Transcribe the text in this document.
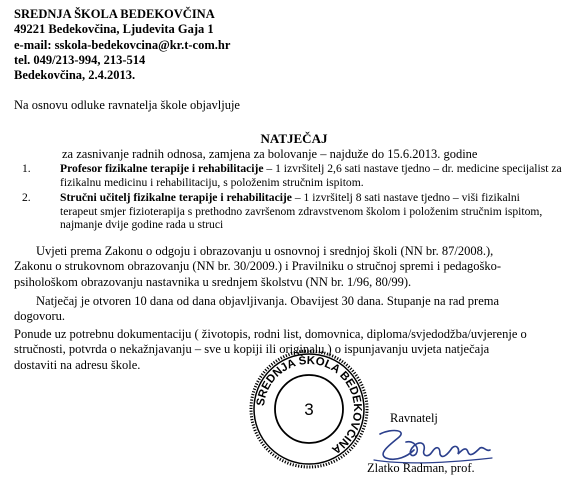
SREDNJA ŠKOLA BEDEKOVČINA
49221 Bedekovčina, Ljudevita Gaja 1
e-mail: sskola-bedekovcina@kr.t-com.hr
tel. 049/213-994, 213-514
Bedekovčina, 2.4.2013.
Na osnovu odluke ravnatelja škole objavljuje
NATJEČAJ
za zasnivanje radnih odnosa, zamjena za bolovanje – najduže do 15.6.2013. godine
1.	Profesor fizikalne terapije i rehabilitacije – 1 izvršitelj 2,6 sati nastave tjedno – dr. medicine specijalist za
fizikalnu medicinu i rehabilitaciju, s položenim stručnim ispitom.
2.	Stručni učitelj fizikalne terapije i rehabilitacije – 1 izvršitelj 8 sati nastave tjedno – viši fizikalni
terapeut smjer fizioterapija s prethodno završenom zdravstvenom školom i položenim stručnim ispitom,
najmanje dvije godine rada u struci
Uvjeti prema Zakonu o odgoju i obrazovanju u osnovnoj i srednjoj školi (NN br. 87/2008.),
Zakonu o strukovnom obrazovanju (NN br. 30/2009.) i Pravilniku o stručnoj spremi i pedagoško-
psihološkom obrazovanju nastavnika u srednjem školstvu (NN br. 1/96, 80/99).
Natječaj je otvoren 10 dana od dana objavljivanja. Obavijest 30 dana. Stupanje na rad prema
dogovoru.
Ponude uz potrebnu dokumentaciju ( životopis, rodni list, domovnica, diploma/svjedodžba/uvjerenje o
stručnosti, potvrda o nekažnjavanju – sve u kopiji ili originalu ) o ispunjavanju uvjeta natječaja
dostaviti na adresu škole.
SREDNJA ŠKOLA BEDEKOVČINA
3	Ravnatelj
Zlatko Radman, prof.
